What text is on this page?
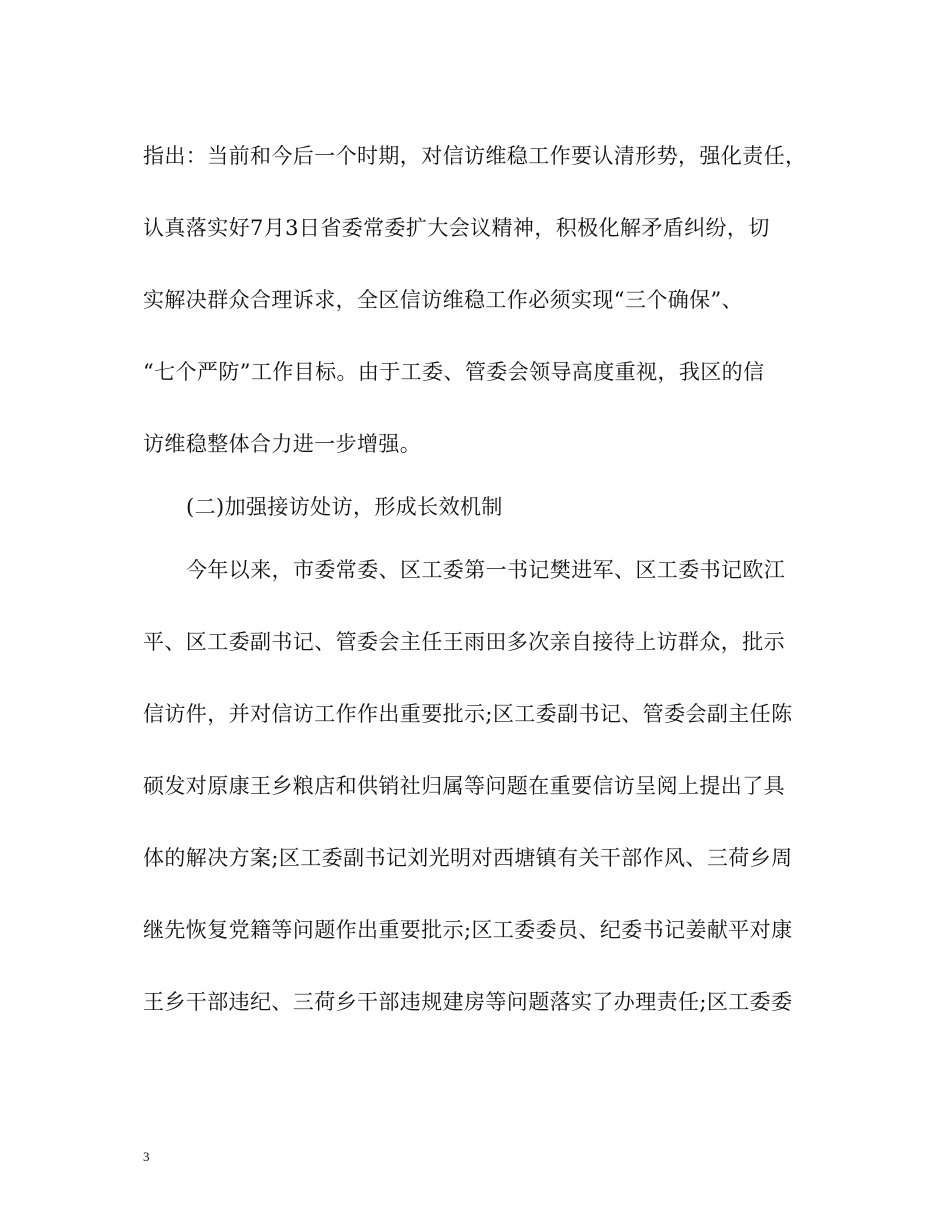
指出：当前和今后一个时期，对信访维稳工作要认清形势，强化责任，
认真落实好7月3日省委常委扩大会议精神，积极化解矛盾纠纷，切
实解决群众合理诉求，全区信访维稳工作必须实现“三个确保”、
“七个严防”工作目标。由于工委、管委会领导高度重视，我区的信
访维稳整体合力进一步增强。
(二)加强接访处访，形成长效机制
今年以来，市委常委、区工委第一书记樊进军、区工委书记欧江
平、区工委副书记、管委会主任王雨田多次亲自接待上访群众，批示
信访件，并对信访工作作出重要批示;区工委副书记、管委会副主任陈
硕发对原康王乡粮店和供销社归属等问题在重要信访呈阅上提出了具
体的解决方案;区工委副书记刘光明对西塘镇有关干部作风、三荷乡周
继先恢复党籍等问题作出重要批示;区工委委员、纪委书记姜献平对康
王乡干部违纪、三荷乡干部违规建房等问题落实了办理责任;区工委委
3
